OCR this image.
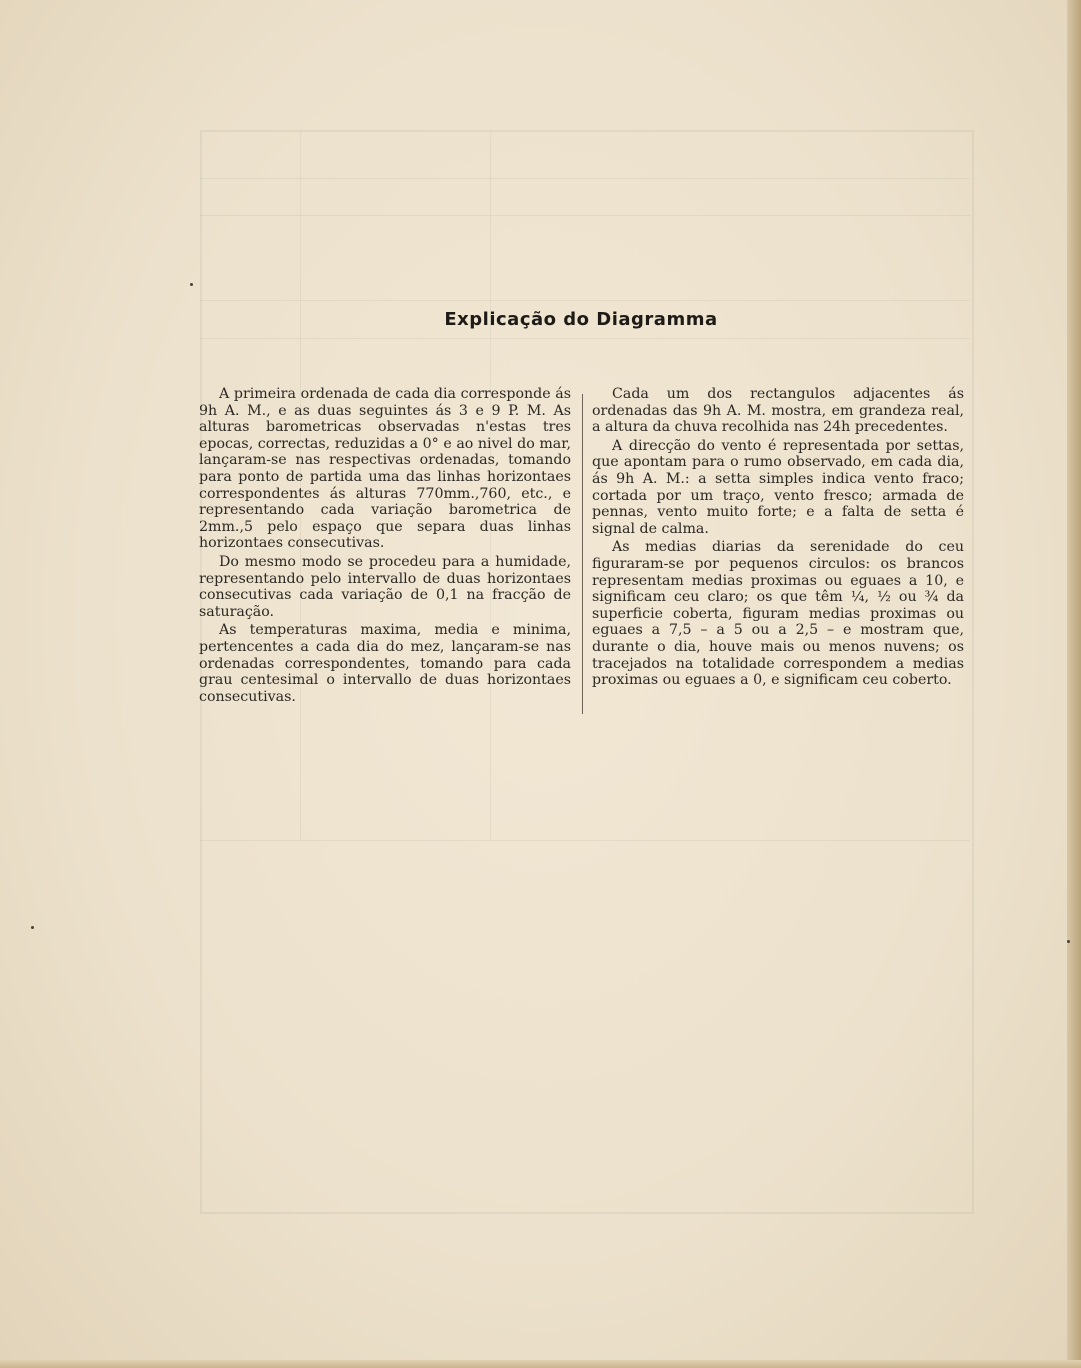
Explicação do Diagramma

A primeira ordenada de cada dia corresponde ás 9h A. M., e as duas seguintes ás 3 e 9 P. M. As alturas barometricas observadas n'estas tres epocas, correctas, reduzidas a 0° e ao nivel do mar, lançaram-se nas respectivas ordenadas, tomando para ponto de partida uma das linhas horizontaes correspondentes ás alturas 770mm.,760, etc., e representando cada variação barometrica de 2mm.,5 pelo espaço que separa duas linhas horizontaes consecutivas.

Do mesmo modo se procedeu para a humidade, representando pelo intervallo de duas horizontaes consecutivas cada variação de 0,1 na fracção de saturação.

As temperaturas maxima, media e minima, pertencentes a cada dia do mez, lançaram-se nas ordenadas correspondentes, tomando para cada grau centesimal o intervallo de duas horizontaes consecutivas.

Cada um dos rectangulos adjacentes ás ordenadas das 9h A. M. mostra, em grandeza real, a altura da chuva recolhida nas 24h precedentes.

A direcção do vento é representada por settas, que apontam para o rumo observado, em cada dia, ás 9h A. M.: a setta simples indica vento fraco; cortada por um traço, vento fresco; armada de pennas, vento muito forte; e a falta de setta é signal de calma.

As medias diarias da serenidade do ceu figuraram-se por pequenos circulos: os brancos representam medias proximas ou eguaes a 10, e significam ceu claro; os que têm ¼, ½ ou ¾ da superficie coberta, figuram medias proximas ou eguaes a 7,5 – a 5 ou a 2,5 – e mostram que, durante o dia, houve mais ou menos nuvens; os tracejados na totalidade correspondem a medias proximas ou eguaes a 0, e significam ceu coberto.
